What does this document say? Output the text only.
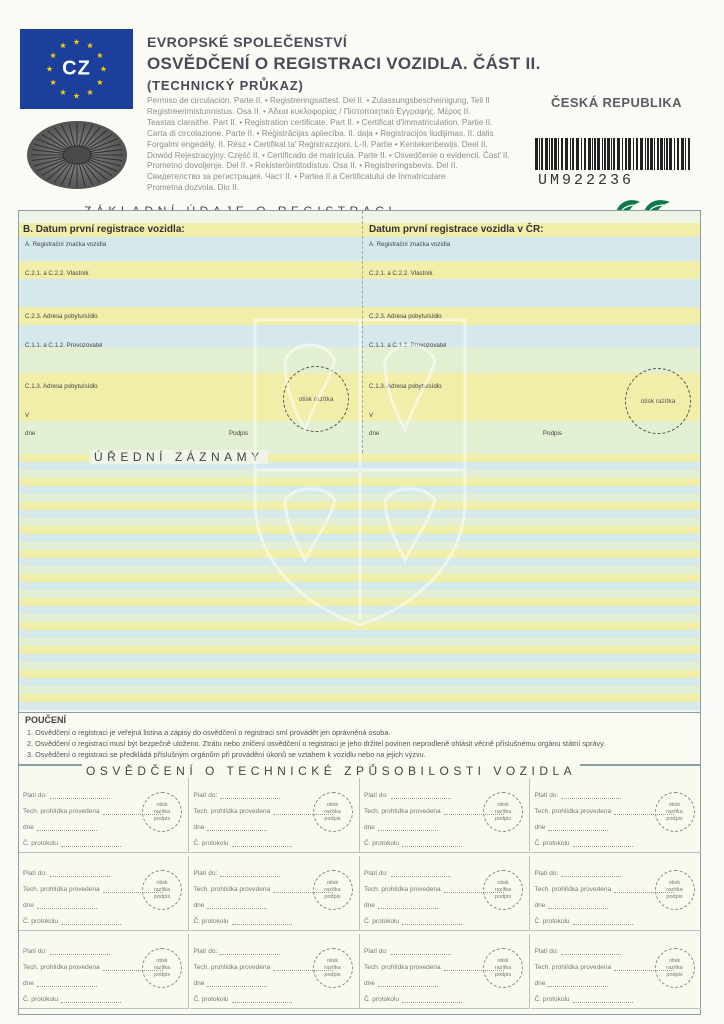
CZ
EVROPSKÉ SPOLEČENSTVÍ
OSVĚDČENÍ O REGISTRACI VOZIDLA. ČÁST II.
(TECHNICKÝ PRŮKAZ)
ČESKÁ REPUBLIKA
Permiso de circulación. Parte II. • Registreringsattest. Del II. • Zulassungsbescheinigung, Teil II
Registreerimistunnistus. Osa II. • Άδεια κυκλοφορίας / Πιστοποιητικό Εγγραφής. Μέρος ΙΙ.
Teastas claraithe. Part II. • Registration certificate. Part II. • Certificat d'immatriculation. Partie II.
Carta di circolazione. Parte II. • Reģistrācijas apliecība. II. daļa • Registracijos liudijimas. II. dalis
Forgalmi engedély. II. Rész • Ċertifikat ta' Reġistrazzjoni. L-II. Partie • Kentekenbewijs. Deel II.
Dowód Rejestracyjny. Część II. • Certificado de matrícula. Parte II. • Osvedčenie o evidencii. Časť II.
Prometno dovoljenje. Del II. • Rekisteröintitodistus. Osa II. • Registreringsbevis. Del II.
Свидетелство за регистрация. Част II. • Partea II a Certificatului de înmatriculare
Prometna dozvola. Dio II.	UM922236
B. Datum první registrace vozidla:
A. Registrační značka vozidla
C.2.1. a C.2.2. Vlastník
C.2.3. Adresa pobytu/sídlo
C.1.1. a C.1.2. Provozovatel
C.1.3. Adresa pobytu/sídlo
V
dne	Podpis
otisk razítka
Datum první registrace vozidla v ČR:
A. Registrační značka vozidla
C.2.1. a C.2.2. Vlastník
C.2.3. Adresa pobytu/sídlo
C.1.1. a C.1.2. Provozovatel
C.1.3. Adresa pobytu/sídlo
V
dne	Podpis
otisk razítka
ÚŘEDNÍ ZÁZNAMY
POUČENÍ
1. Osvědčení o registraci je veřejná listina a zápisy do osvědčení o registraci smí provádět jen oprávněná osoba.
2. Osvědčení o registraci musí být bezpečně uloženo. Ztrátu nebo zničení osvědčení o registraci je jeho držitel povinen neprodleně ohlásit věcně příslušnému orgánu státní správy.
3. Osvědčení o registraci se předkládá příslušným orgánům při provádění úkonů se vztahem k vozidlu nebo na jejich výzvu.
Platí do:
Tech. prohlídka provedena
dne
Č. protokolu
otisk razítka podpis
Platí do:
Tech. prohlídka provedena
dne
Č. protokolu
otisk razítka podpis
Platí do:
Tech. prohlídka provedena
dne
Č. protokolu
otisk razítka podpis
Platí do:
Tech. prohlídka provedena
dne
Č. protokolu
otisk razítka podpis
Platí do:
Tech. prohlídka provedena
dne
Č. protokolu
otisk razítka podpis
Platí do:
Tech. prohlídka provedena
dne
Č. protokolu
otisk razítka podpis
Platí do:
Tech. prohlídka provedena
dne
Č. protokolu
otisk razítka podpis
Platí do:
Tech. prohlídka provedena
dne
Č. protokolu
otisk razítka podpis
Platí do:
Tech. prohlídka provedena
dne
Č. protokolu
otisk razítka podpis
Platí do:
Tech. prohlídka provedena
dne
Č. protokolu
otisk razítka podpis
Platí do:
Tech. prohlídka provedena
dne
Č. protokolu
otisk razítka podpis
Platí do:
Tech. prohlídka provedena
dne
Č. protokolu
otisk razítka podpis
OSVĚDČENÍ O TECHNICKÉ ZPŮSOBILOSTI VOZIDLA
